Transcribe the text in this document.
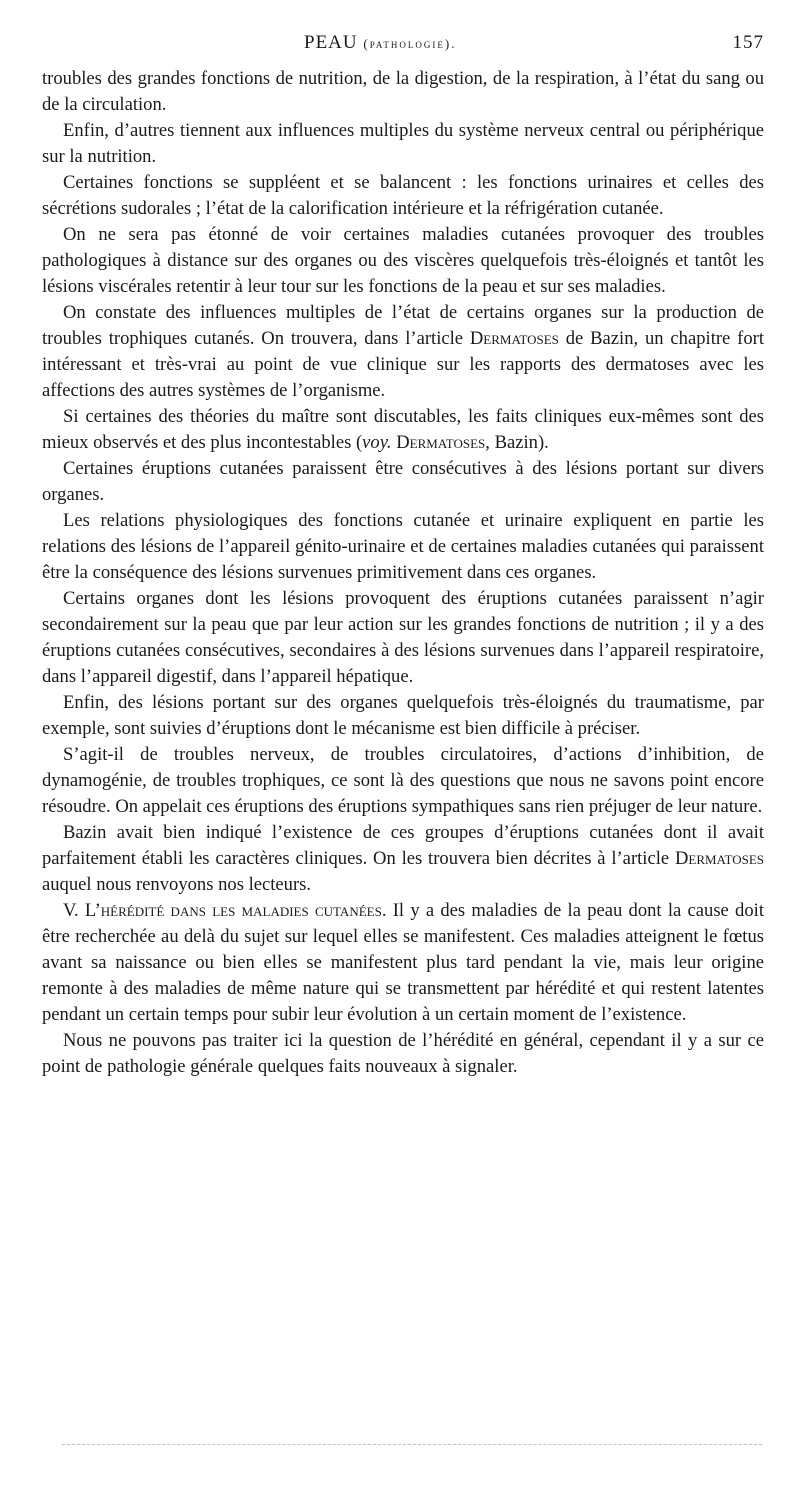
PEAU (pathologie).	157

troubles des grandes fonctions de nutrition, de la digestion, de la respiration, à l’état du sang ou de la circulation.

Enfin, d’autres tiennent aux influences multiples du système nerveux central ou périphérique sur la nutrition.

Certaines fonctions se suppléent et se balancent : les fonctions urinaires et celles des sécrétions sudorales ; l’état de la calorification intérieure et la réfrigération cutanée.

On ne sera pas étonné de voir certaines maladies cutanées provoquer des troubles pathologiques à distance sur des organes ou des viscères quelquefois très-éloignés et tantôt les lésions viscérales retentir à leur tour sur les fonctions de la peau et sur ses maladies.

On constate des influences multiples de l’état de certains organes sur la production de troubles trophiques cutanés. On trouvera, dans l’article Dermatoses de Bazin, un chapitre fort intéressant et très-vrai au point de vue clinique sur les rapports des dermatoses avec les affections des autres systèmes de l’organisme.

Si certaines des théories du maître sont discutables, les faits cliniques eux-mêmes sont des mieux observés et des plus incontestables (voy. Dermatoses, Bazin).

Certaines éruptions cutanées paraissent être consécutives à des lésions portant sur divers organes.

Les relations physiologiques des fonctions cutanée et urinaire expliquent en partie les relations des lésions de l’appareil génito-urinaire et de certaines maladies cutanées qui paraissent être la conséquence des lésions survenues primitivement dans ces organes.

Certains organes dont les lésions provoquent des éruptions cutanées paraissent n’agir secondairement sur la peau que par leur action sur les grandes fonctions de nutrition ; il y a des éruptions cutanées consécutives, secondaires à des lésions survenues dans l’appareil respiratoire, dans l’appareil digestif, dans l’appareil hépatique.

Enfin, des lésions portant sur des organes quelquefois très-éloignés du traumatisme, par exemple, sont suivies d’éruptions dont le mécanisme est bien difficile à préciser.

S’agit-il de troubles nerveux, de troubles circulatoires, d’actions d’inhibition, de dynamogénie, de troubles trophiques, ce sont là des questions que nous ne savons point encore résoudre. On appelait ces éruptions des éruptions sympathiques sans rien préjuger de leur nature.

Bazin avait bien indiqué l’existence de ces groupes d’éruptions cutanées dont il avait parfaitement établi les caractères cliniques. On les trouvera bien décrites à l’article Dermatoses auquel nous renvoyons nos lecteurs.

V. L’hérédité dans les maladies cutanées. Il y a des maladies de la peau dont la cause doit être recherchée au delà du sujet sur lequel elles se manifestent. Ces maladies atteignent le fœtus avant sa naissance ou bien elles se manifestent plus tard pendant la vie, mais leur origine remonte à des maladies de même nature qui se transmettent par hérédité et qui restent latentes pendant un certain temps pour subir leur évolution à un certain moment de l’existence.

Nous ne pouvons pas traiter ici la question de l’hérédité en général, cependant il y a sur ce point de pathologie générale quelques faits nouveaux à signaler.
